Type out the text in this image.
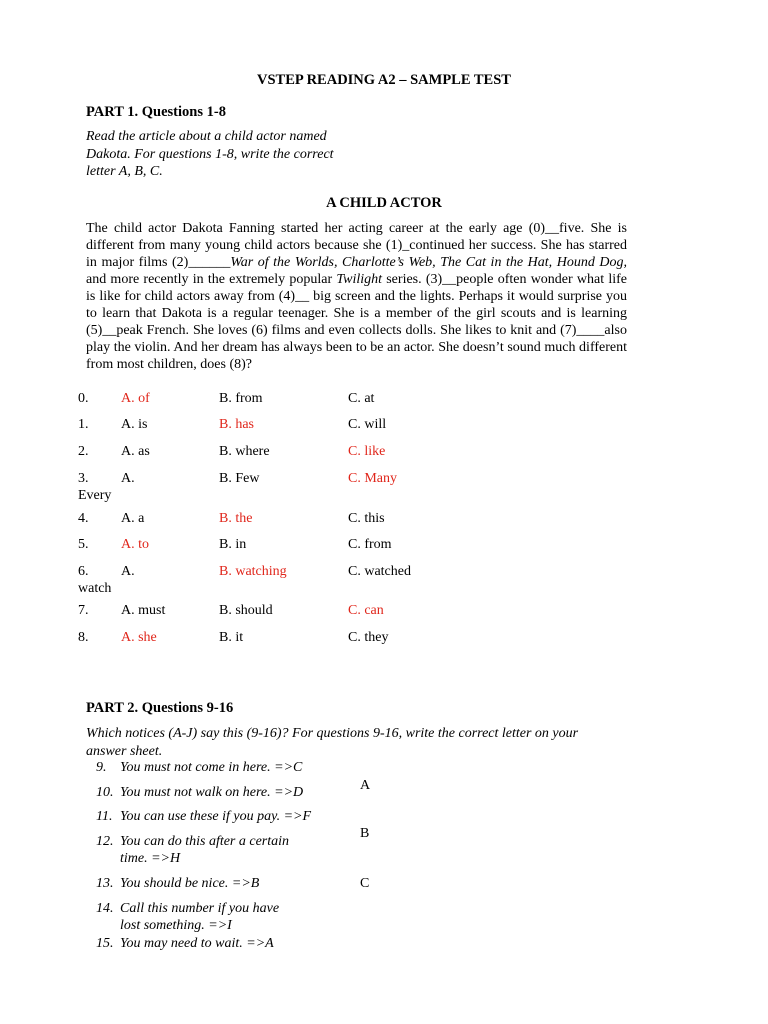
VSTEP READING A2 – SAMPLE TEST
PART 1. Questions 1-8
Read the article about a child actor named
Dakota. For questions 1-8, write the correct
letter A, B, C.
A CHILD ACTOR
The child actor Dakota Fanning started her acting career at the early age (0)__five. She is different from many young child actors because she (1)_continued her success. She has starred in major films (2)______War of the Worlds, Charlotte’s Web, The Cat in the Hat, Hound Dog, and more recently in the extremely popular Twilight series. (3)__people often wonder what life is like for child actors away from (4)__ big screen and the lights. Perhaps it would surprise you to learn that Dakota is a regular teenager. She is a member of the girl scouts and is learning (5)__peak French. She loves (6) films and even collects dolls. She likes to knit and (7)____also play the violin. And her dream has always been to be an actor. She doesn’t sound much different from most children, does (8)?
0. A. of	B. from	C. at
1. A. is	B. has	C. will
2. A. as	B. where	C. like
3. A.
Every
B. Few	C. Many
4. A. a	B. the	C. this
5. A. to	B. in	C. from
6. A.
watch
B. watching	C. watched
7. A. must	B. should	C. can
8. A. she	B. it	C. they
PART 2. Questions 9-16
Which notices (A-J) say this (9-16)? For questions 9-16, write the correct letter on your
answer sheet.
9. You must not come in here. =>C
10. You must not walk on here. =>D
11. You can use these if you pay. =>F
12. You can do this after a certain
time. =>H
13. You should be nice. =>B
14. Call this number if you have
lost something. =>I
15. You may need to wait. =>A
A
B
C
